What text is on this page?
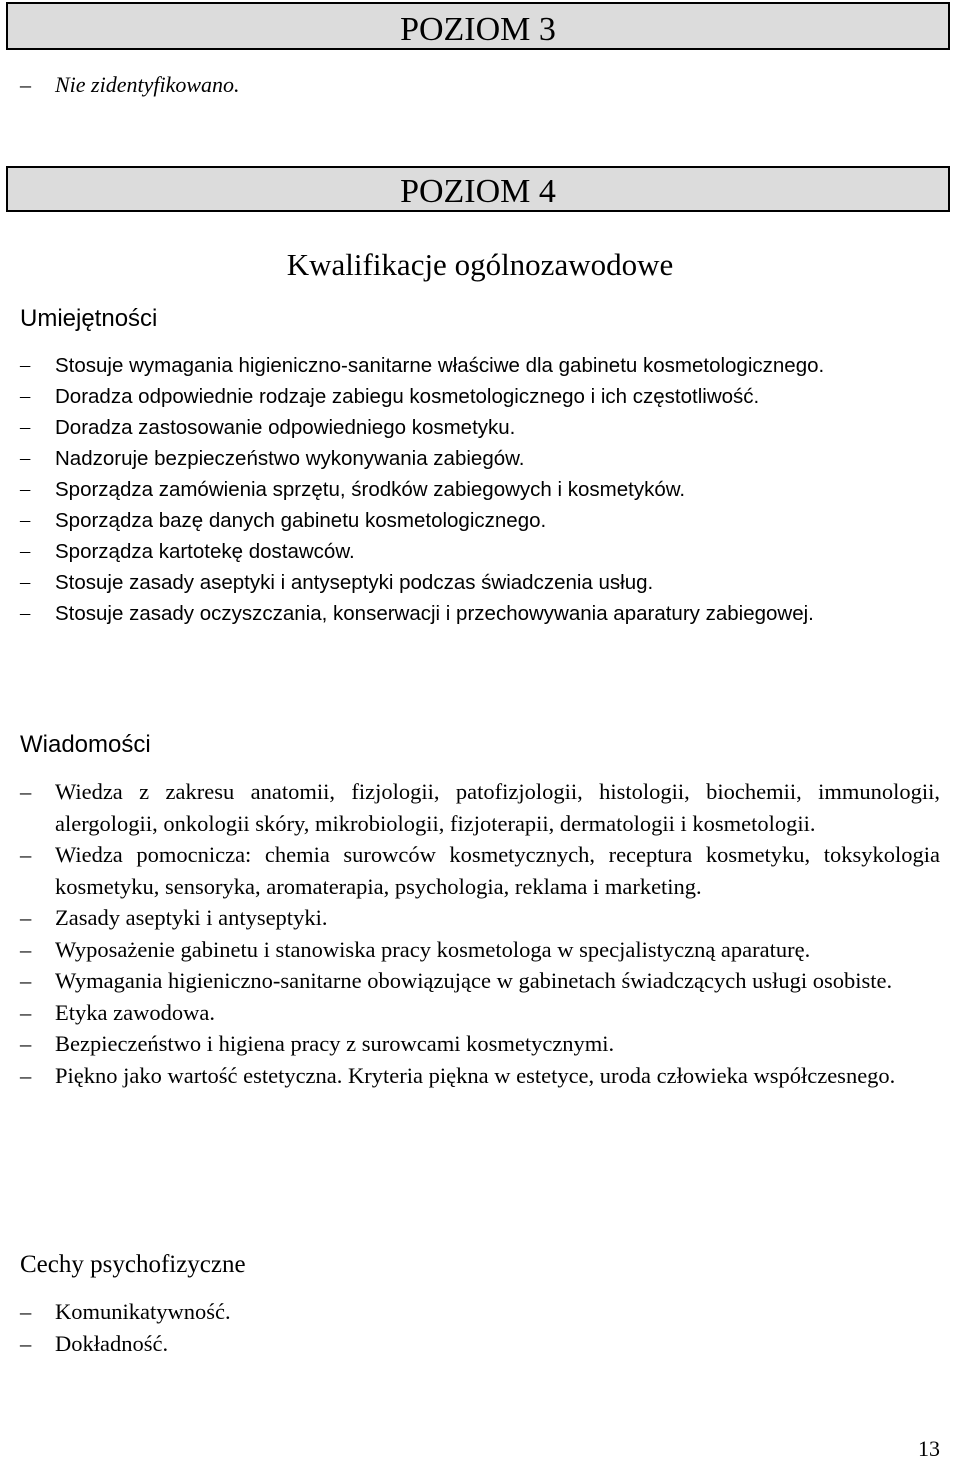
POZIOM 3
– Nie zidentyfikowano.
POZIOM 4
Kwalifikacje ogólnozawodowe
Umiejętności
– Stosuje wymagania higieniczno-sanitarne właściwe dla gabinetu kosmetologicznego.
– Doradza odpowiednie rodzaje zabiegu kosmetologicznego i ich częstotliwość.
– Doradza zastosowanie odpowiedniego kosmetyku.
– Nadzoruje bezpieczeństwo wykonywania zabiegów.
– Sporządza zamówienia sprzętu, środków zabiegowych i kosmetyków.
– Sporządza bazę danych gabinetu kosmetologicznego.
– Sporządza kartotekę dostawców.
– Stosuje zasady aseptyki i antyseptyki podczas świadczenia usług.
– Stosuje zasady oczyszczania, konserwacji i przechowywania aparatury zabiegowej.
Wiadomości
– Wiedza z zakresu anatomii, fizjologii, patofizjologii, histologii, biochemii, immunologii, alergologii, onkologii skóry, mikrobiologii, fizjoterapii, dermatologii i kosmetologii.
– Wiedza pomocnicza: chemia surowców kosmetycznych, receptura kosmetyku, toksykologia kosmetyku, sensoryka, aromaterapia, psychologia, reklama i marketing.
– Zasady aseptyki i antyseptyki.
– Wyposażenie gabinetu i stanowiska pracy kosmetologa w specjalistyczną aparaturę.
– Wymagania higieniczno-sanitarne obowiązujące w gabinetach świadczących usługi osobiste.
– Etyka zawodowa.
– Bezpieczeństwo i higiena pracy z surowcami kosmetycznymi.
– Piękno jako wartość estetyczna. Kryteria piękna w estetyce, uroda człowieka współczesnego.
Cechy psychofizyczne
– Komunikatywność.
– Dokładność.
13
